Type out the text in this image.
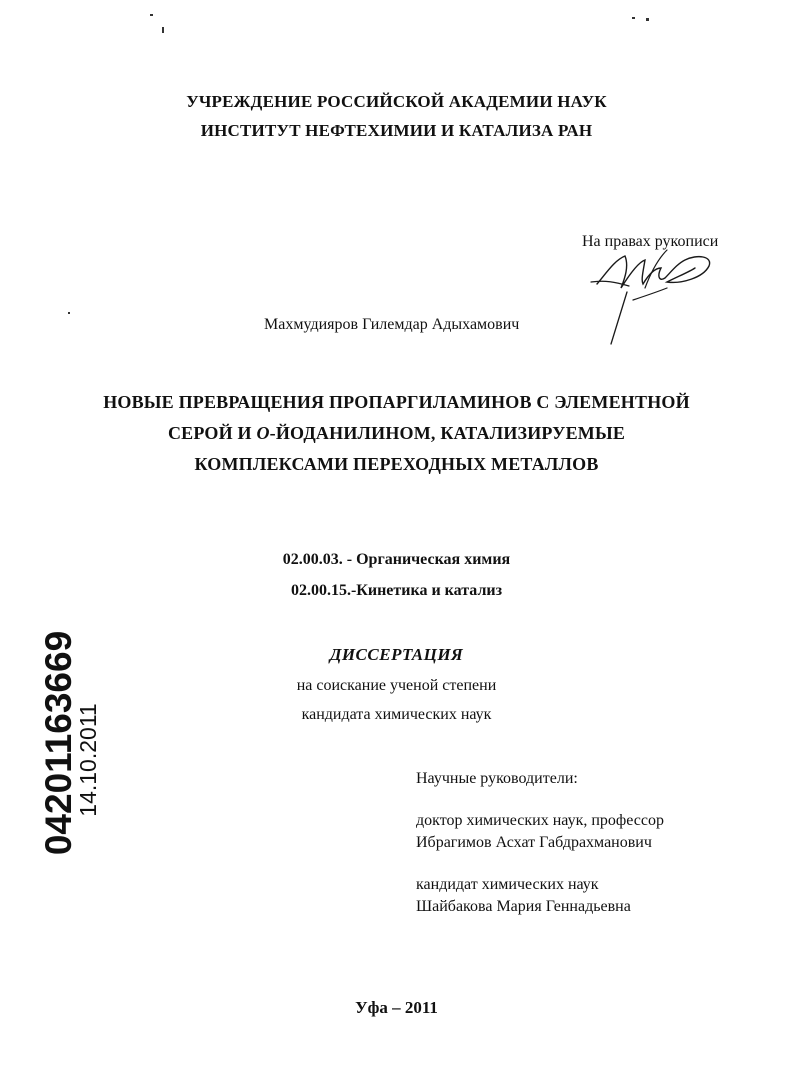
УЧРЕЖДЕНИЕ РОССИЙСКОЙ АКАДЕМИИ НАУК
ИНСТИТУТ НЕФТЕХИМИИ И КАТАЛИЗА РАН
На правах рукописи
Махмудияров Гилемдар Адыхамович
НОВЫЕ ПРЕВРАЩЕНИЯ ПРОПАРГИЛАМИНОВ С ЭЛЕМЕНТНОЙ
СЕРОЙ И О-ЙОДАНИЛИНОМ, КАТАЛИЗИРУЕМЫЕ
КОМПЛЕКСАМИ ПЕРЕХОДНЫХ МЕТАЛЛОВ
02.00.03. - Органическая химия
02.00.15.-Кинетика и катализ
ДИССЕРТАЦИЯ
на соискание ученой степени
кандидата химических наук
Научные руководители:
доктор химических наук, профессор
Ибрагимов Асхат Габдрахманович
кандидат химических наук
Шайбакова Мария Геннадьевна
Уфа – 2011
04201163669
14.10.2011
